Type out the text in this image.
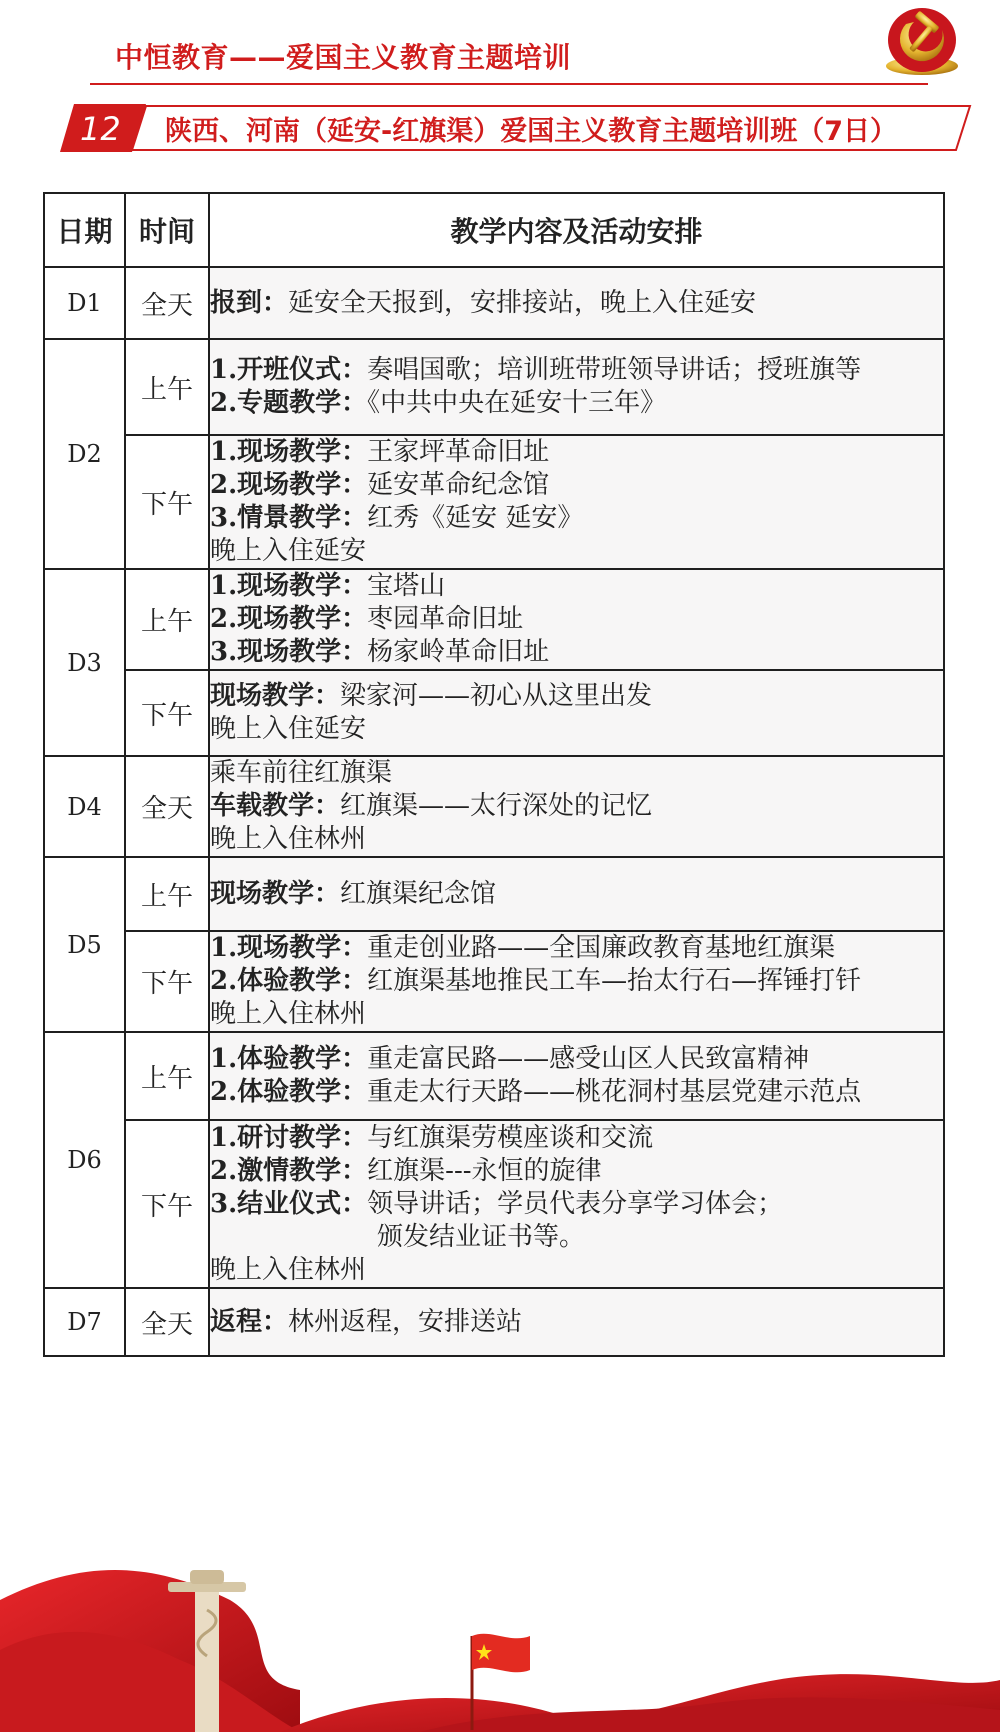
中恒教育——爱国主义教育主题培训
12 陕西、河南（延安-红旗渠）爱国主义教育主题培训班（7日）
日期	时间	教学内容及活动安排
D1	全天	报到：延安全天报到，安排接站，晚上入住延安

D2	上午	1.开班仪式：奏唱国歌；培训班带班领导讲话；授班旗等
2.专题教学：《中共中央在延安十三年》

	下午	1.现场教学：王家坪革命旧址
2.现场教学：延安革命纪念馆
3.情景教学：红秀《延安 延安》
晚上入住延安

D3	上午	1.现场教学：宝塔山
2.现场教学：枣园革命旧址
3.现场教学：杨家岭革命旧址

	下午	现场教学：梁家河——初心从这里出发
晚上入住延安

D4	全天	乘车前往红旗渠
车载教学：红旗渠——太行深处的记忆
晚上入住林州

D5	上午	现场教学：红旗渠纪念馆

	下午	1.现场教学：重走创业路——全国廉政教育基地红旗渠
2.体验教学：红旗渠基地推民工车—抬太行石—挥锤打钎
晚上入住林州

D6	上午	1.体验教学：重走富民路——感受山区人民致富精神
2.体验教学：重走太行天路——桃花洞村基层党建示范点

	下午	1.研讨教学：与红旗渠劳模座谈和交流
2.激情教学：红旗渠---永恒的旋律
3.结业仪式：领导讲话；学员代表分享学习体会；
颁发结业证书等。
晚上入住林州

D7	全天	返程：林州返程，安排送站
